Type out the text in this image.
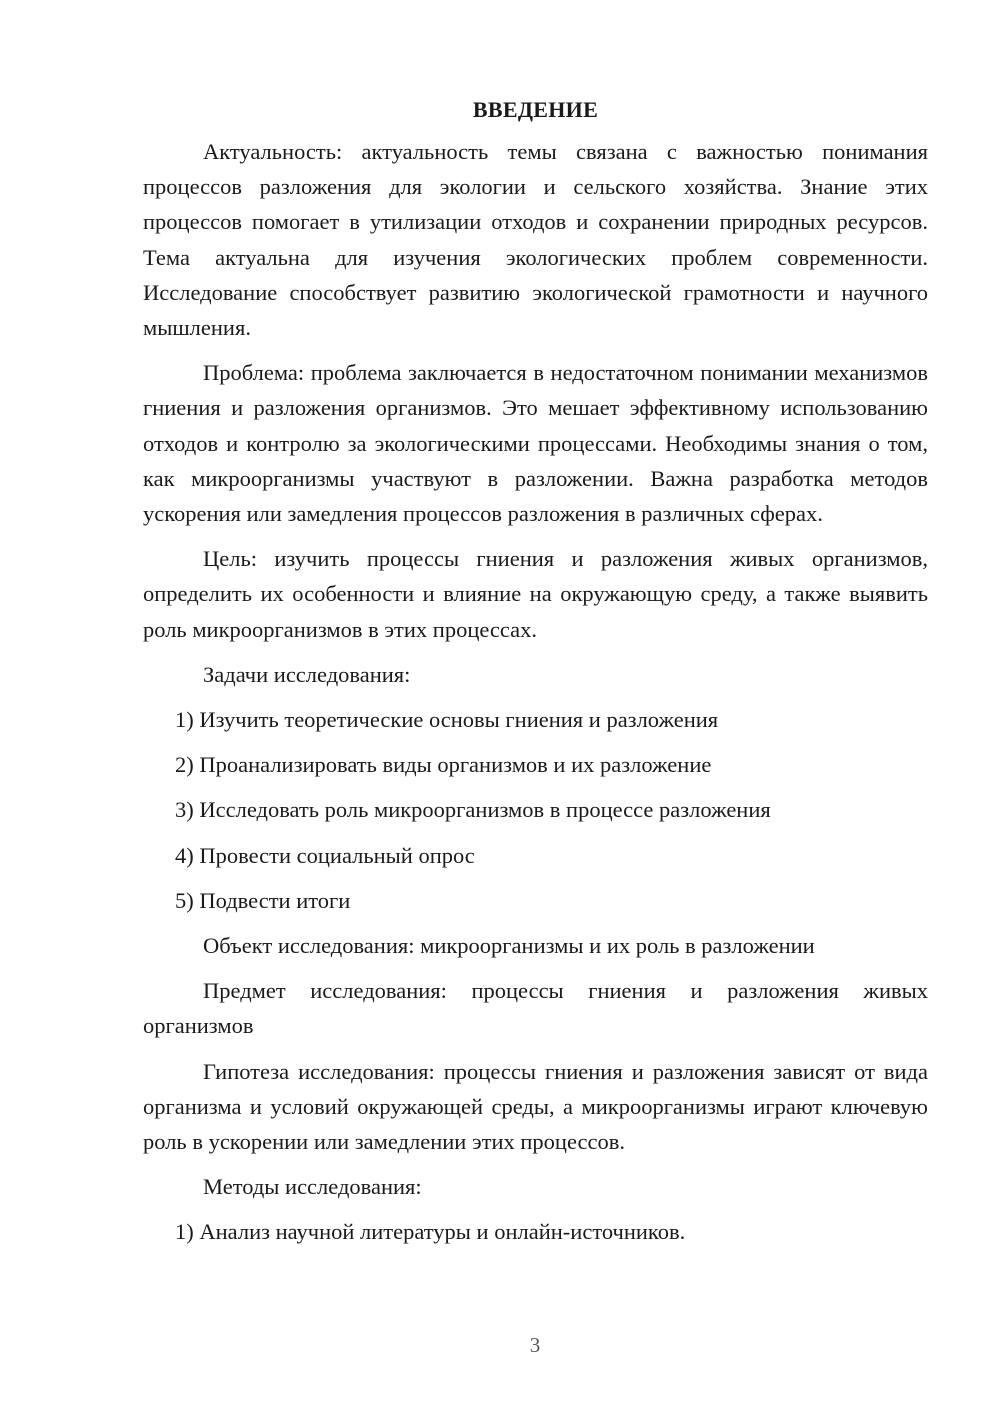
ВВЕДЕНИЕ

Актуальность: актуальность темы связана с важностью понимания процессов разложения для экологии и сельского хозяйства. Знание этих процессов помогает в утилизации отходов и сохранении природных ресурсов. Тема актуальна для изучения экологических проблем современности. Исследование способствует развитию экологической грамотности и научного мышления.

Проблема: проблема заключается в недостаточном понимании механизмов гниения и разложения организмов. Это мешает эффективному использованию отходов и контролю за экологическими процессами. Необходимы знания о том, как микроорганизмы участвуют в разложении. Важна разработка методов ускорения или замедления процессов разложения в различных сферах.

Цель: изучить процессы гниения и разложения живых организмов, определить их особенности и влияние на окружающую среду, а также выявить роль микроорганизмов в этих процессах.

Задачи исследования:

1) Изучить теоретические основы гниения и разложения

2) Проанализировать виды организмов и их разложение

3) Исследовать роль микроорганизмов в процессе разложения

4) Провести социальный опрос

5) Подвести итоги

Объект исследования: микроорганизмы и их роль в разложении

Предмет исследования: процессы гниения и разложения живых организмов

Гипотеза исследования: процессы гниения и разложения зависят от вида организма и условий окружающей среды, а микроорганизмы играют ключевую роль в ускорении или замедлении этих процессов.

Методы исследования:

1) Анализ научной литературы и онлайн-источников.

3
